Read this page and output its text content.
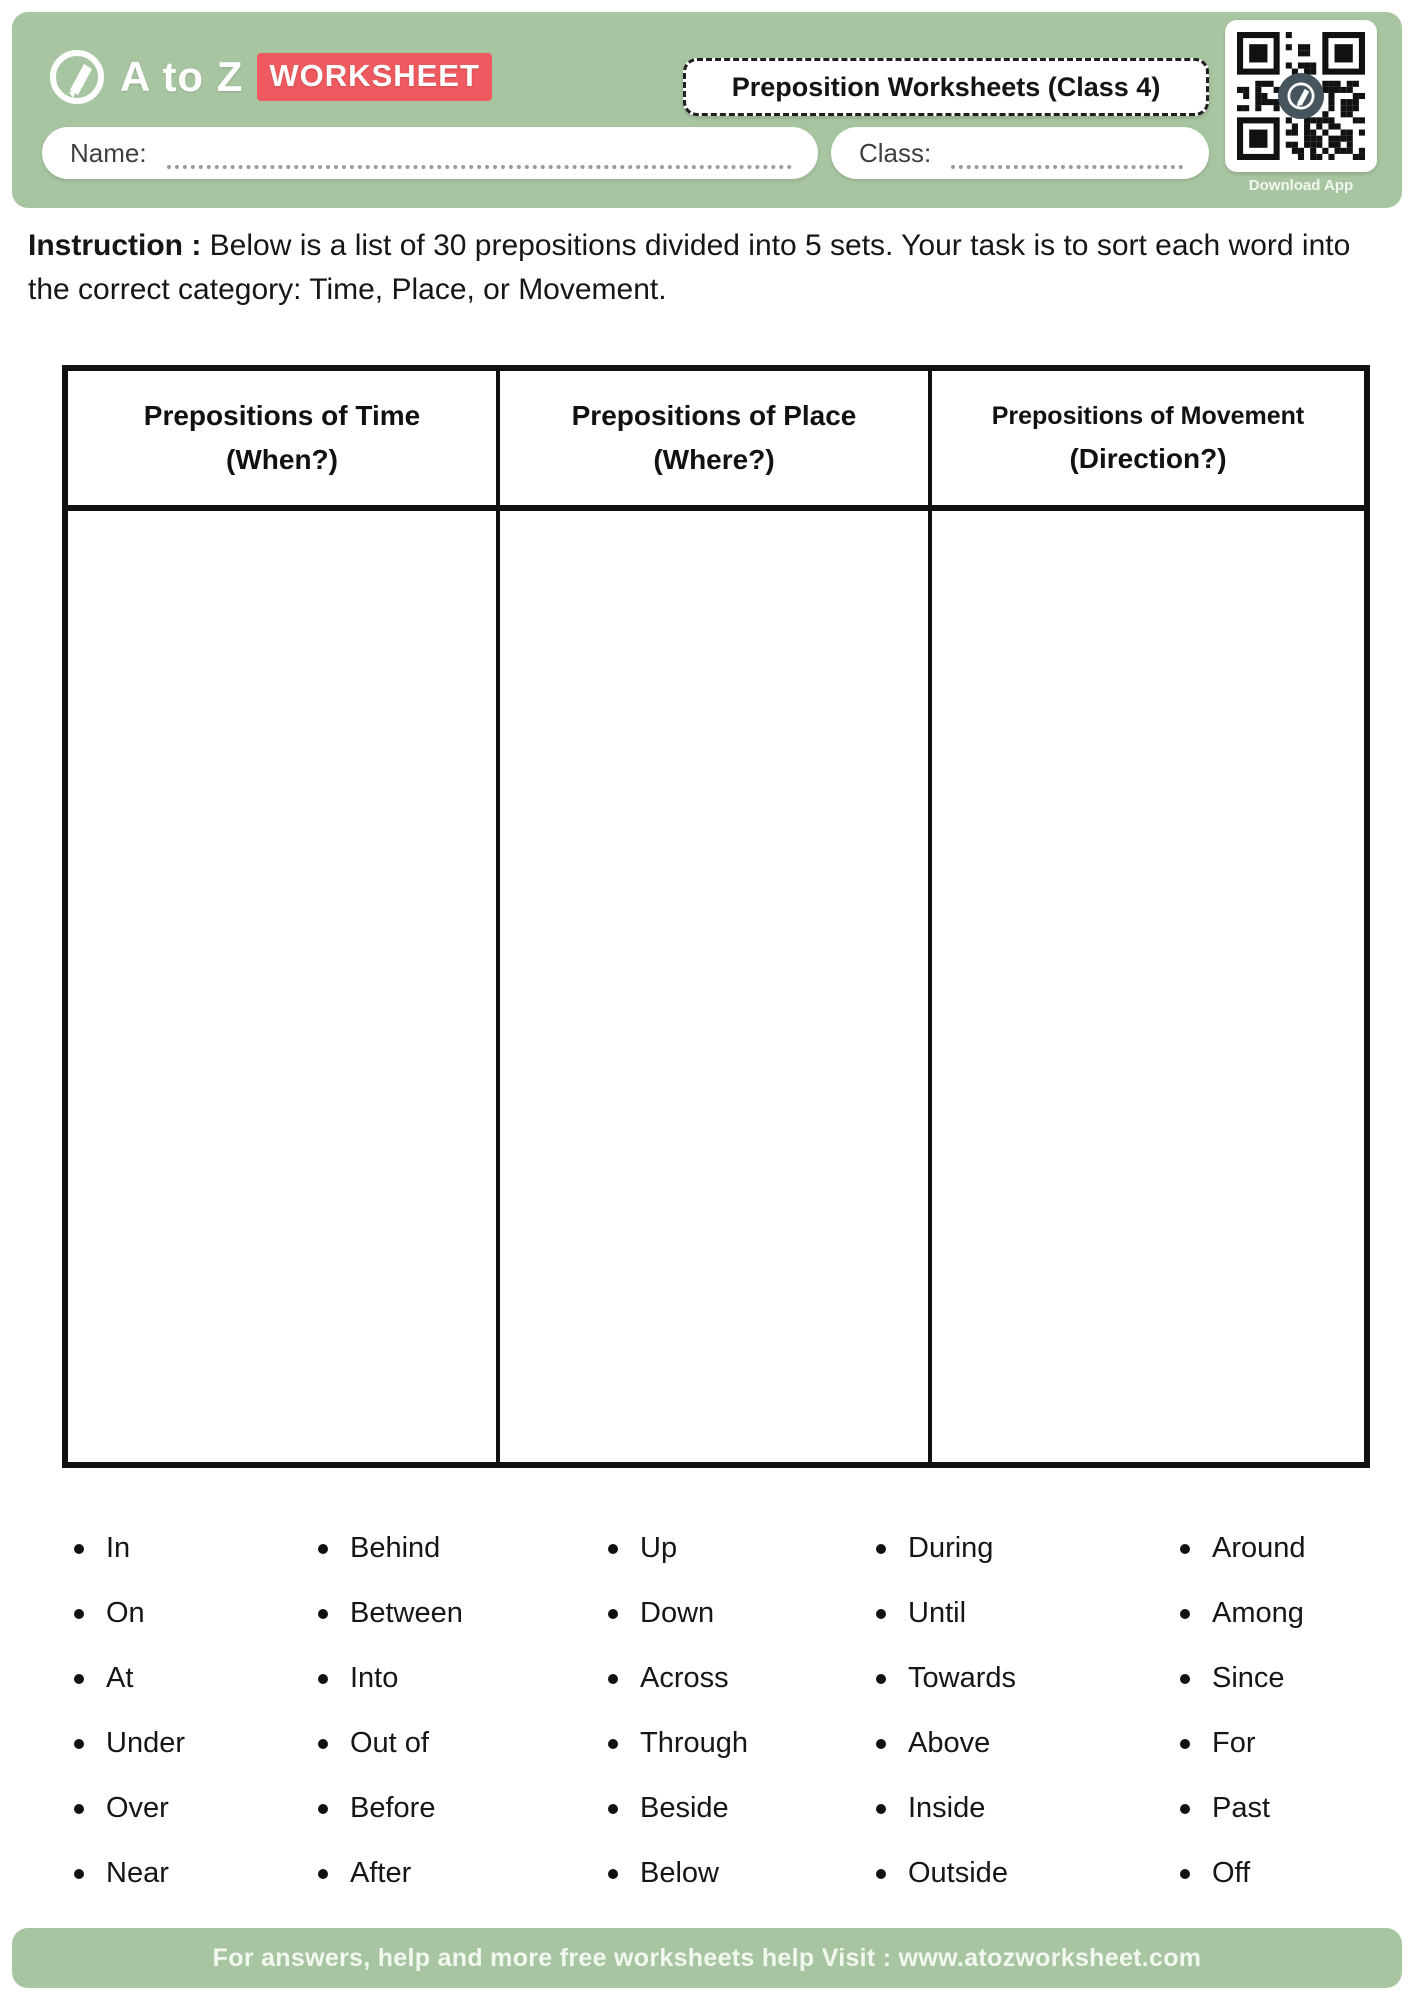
A to Z WORKSHEET	Preposition Worksheets (Class 4)
Download App
Name:	Class:

Instruction : Below is a list of 30 prepositions divided into 5 sets. Your task is to sort each word into the correct category: Time, Place, or Movement.

Prepositions of Time
(When?)
Prepositions of Place
(Where?)
Prepositions of Movement
(Direction?)
In
On
At
Under
Over
Near
Behind
Between
Into
Out of
Before
After
Up
Down
Across
Through
Beside
Below
During
Until
Towards
Above
Inside
Outside
Around
Among
Since
For
Past
Off
For answers, help and more free worksheets help Visit : www.atozworksheet.com
